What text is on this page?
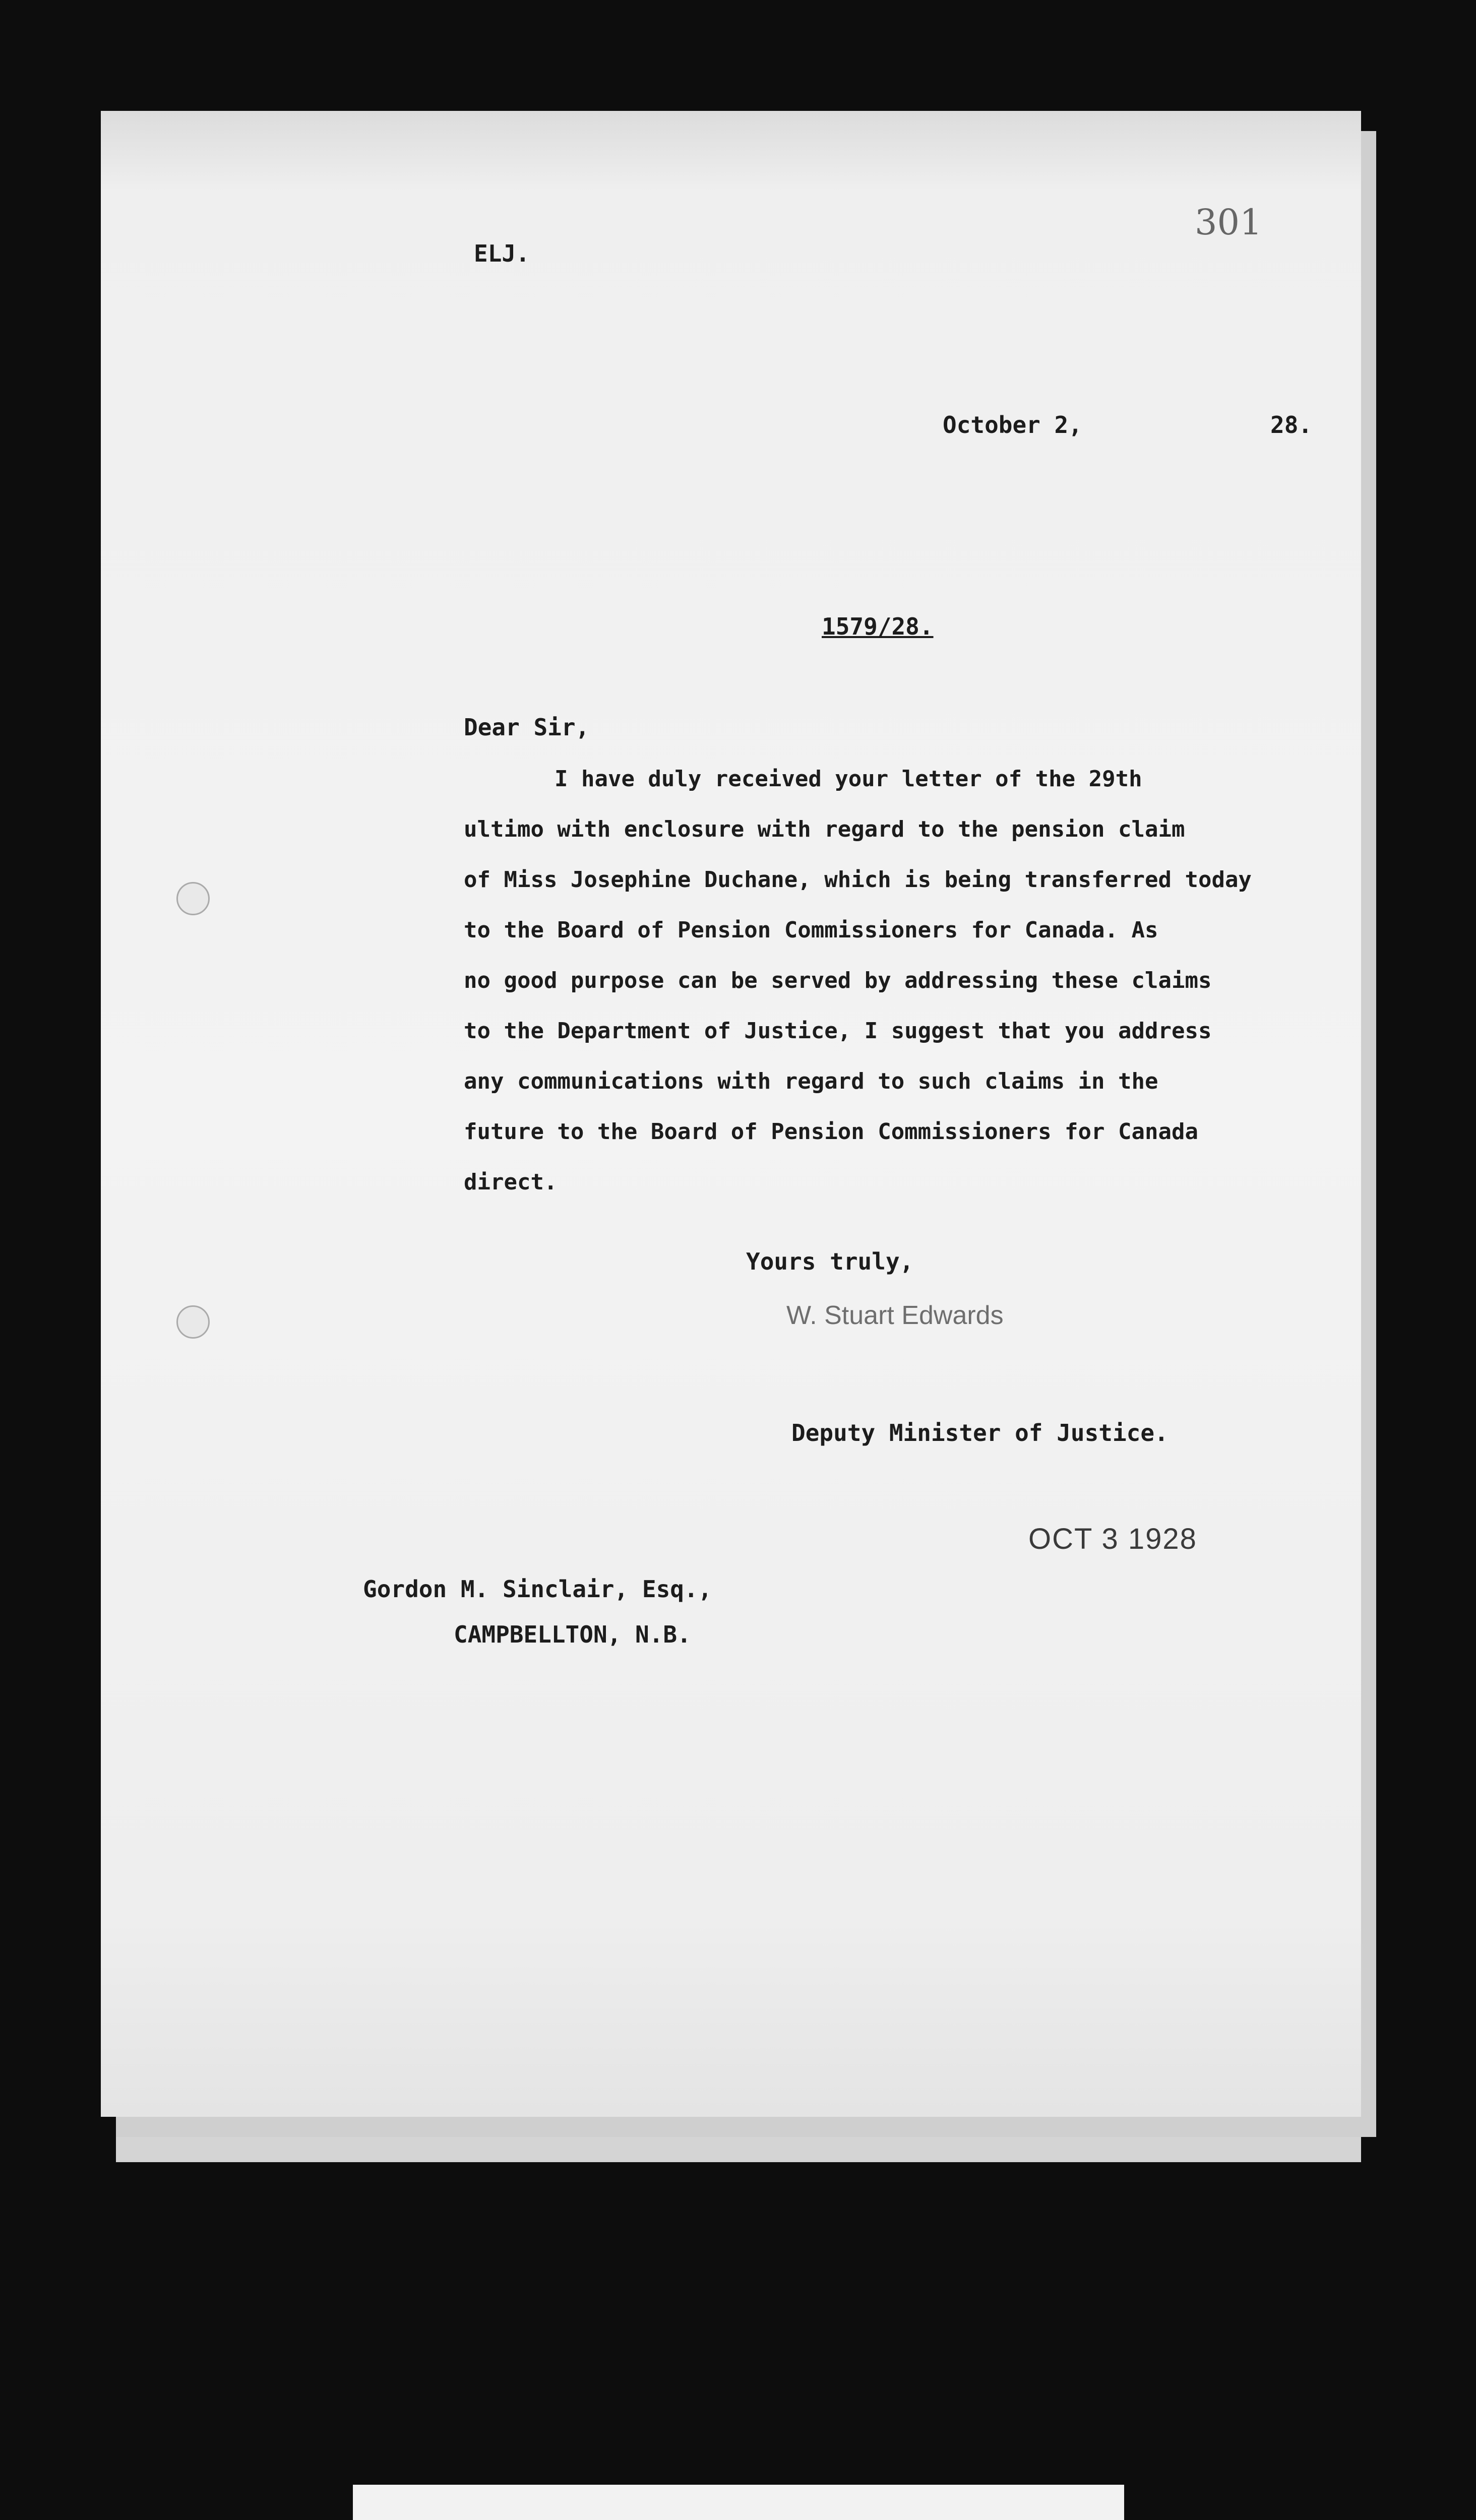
ELJ.
301
October 2,	28.
1579/28.
Dear Sir,
I have duly received your letter of the 29th
ultimo with enclosure with regard to the pension claim
of Miss Josephine Duchane, which is being transferred today
to the Board of Pension Commissioners for Canada. As
no good purpose can be served by addressing these claims
to the Department of Justice, I suggest that you address
any communications with regard to such claims in the
future to the Board of Pension Commissioners for Canada
direct.
Yours truly,
W. Stuart Edwards
Deputy Minister of Justice.
OCT 3 1928
Gordon M. Sinclair, Esq.,
CAMPBELLTON, N.B.
